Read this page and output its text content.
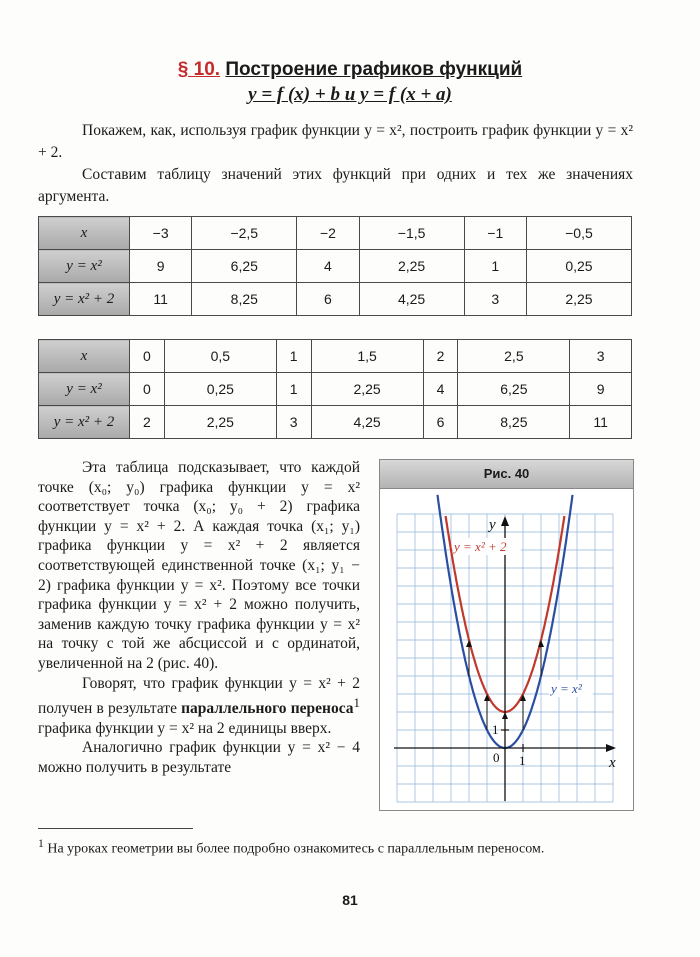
§ 10. Построение графиков функций
y = f (x) + b и y = f (x + a)
Покажем, как, используя график функции y = x², построить график функции y = x² + 2.
Составим таблицу значений этих функций при одних и тех же значениях аргумента.
x	−3	−2,5	−2	−1,5	−1	−0,5
y = x²	9	6,25	4	2,25	1	0,25
y = x² + 2	11	8,25	6	4,25	3	2,25
x	0	0,5	1	1,5	2	2,5	3
y = x²	0	0,25	1	2,25	4	6,25	9
y = x² + 2	2	2,25	3	4,25	6	8,25	11

Эта таблица подсказывает, что каждой точке (x₀; y₀) графика функции y = x² соответствует точка (x₀; y₀ + 2) графика функции y = x² + 2. А каждая точка (x₁; y₁) графика функции y = x² + 2 является соответствующей единственной точке (x₁; y₁ − 2) графика функции y = x². Поэтому все точки графика функции y = x² + 2 можно получить, заменив каждую точку графика функции y = x² на точку с той же абсциссой и с ординатой, увеличенной на 2 (рис. 40).

Говорят, что график функции y = x² + 2 получен в результате параллельного переноса$^1$ графика функции y = x² на 2 единицы вверх.

Аналогично график функции y = x² − 4 можно получить в результате

Рис. 40
x
y
0 1
1
y = x² + 2
y = x²
$^1$ На уроках геометрии вы более подробно ознакомитесь с параллельным переносом.
81
